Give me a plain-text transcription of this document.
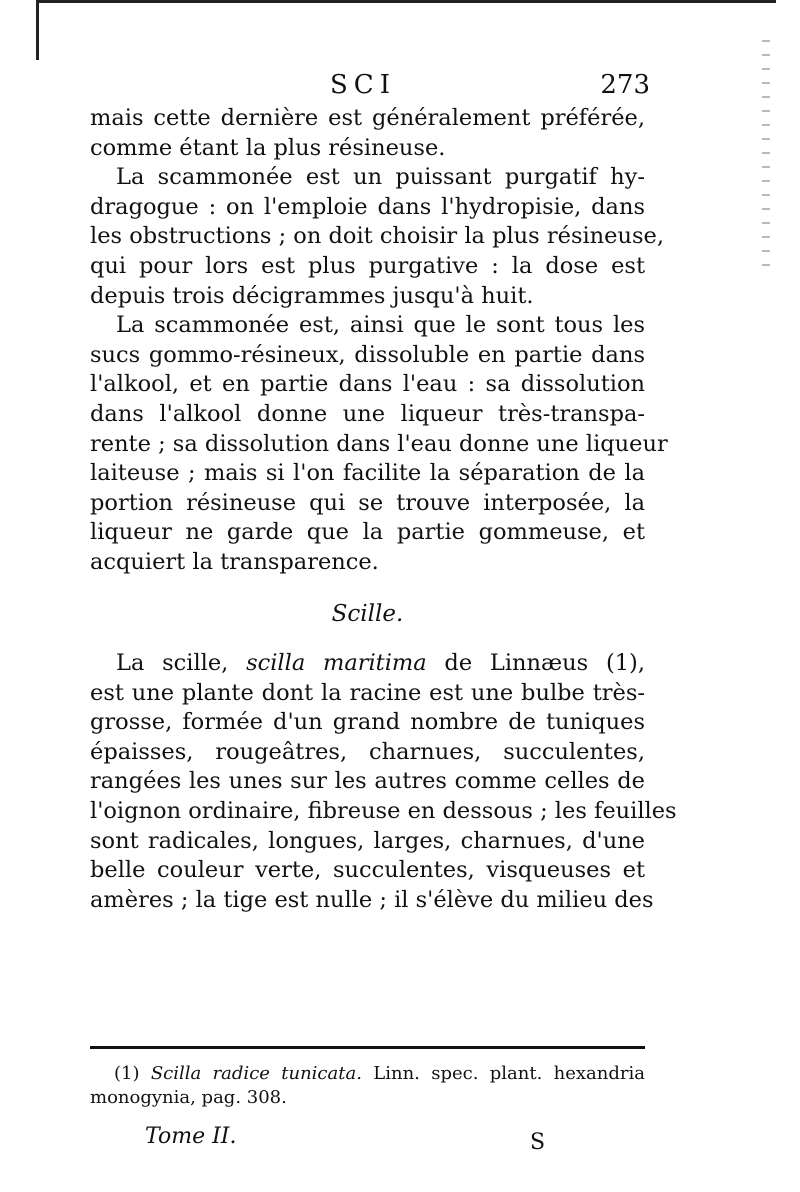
SCI	273
mais cette dernière est généralement préférée,
comme étant la plus résineuse.
La scammonée est un puissant purgatif hy-
dragogue : on l'emploie dans l'hydropisie, dans
les obstructions ; on doit choisir la plus résineuse,
qui pour lors est plus purgative : la dose est
depuis trois décigrammes jusqu'à huit.
La scammonée est, ainsi que le sont tous les
sucs gommo-résineux, dissoluble en partie dans
l'alkool, et en partie dans l'eau : sa dissolution
dans l'alkool donne une liqueur très-transpa-
rente ; sa dissolution dans l'eau donne une liqueur
laiteuse ; mais si l'on facilite la séparation de la
portion résineuse qui se trouve interposée, la
liqueur ne garde que la partie gommeuse, et
acquiert la transparence.
Scille.
La scille, scilla maritima de Linnæus (1),
est une plante dont la racine est une bulbe très-
grosse, formée d'un grand nombre de tuniques
épaisses, rougeâtres, charnues, succulentes,
rangées les unes sur les autres comme celles de
l'oignon ordinaire, fibreuse en dessous ; les feuilles
sont radicales, longues, larges, charnues, d'une
belle couleur verte, succulentes, visqueuses et
amères ; la tige est nulle ; il s'élève du milieu des
(1) Scilla radice tunicata. Linn. spec. plant. hexandria
monogynia, pag. 308.
Tome II.	S
